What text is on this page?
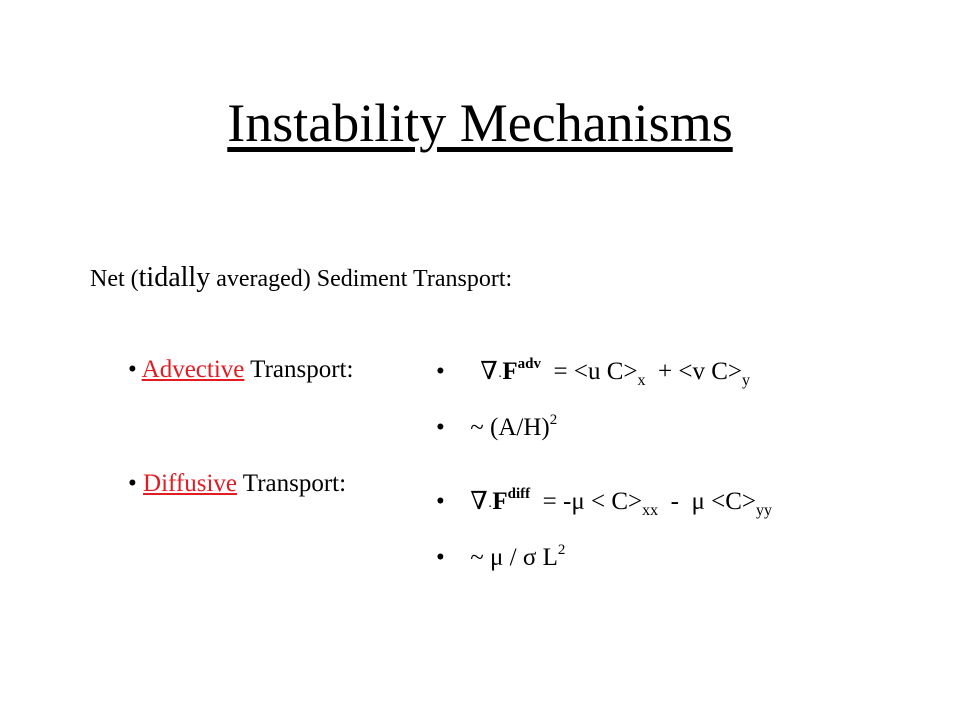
Instability Mechanisms
Net (tidally averaged) Sediment Transport:
• Advective Transport:
• Diffusive Transport:
• $\nabla\cdot F^{adv} = <u$ $C>_x + <v$ $C>_y$
• ~ $(A/H)^2$
• $\nabla\cdot F^{diff} = -\mu < C>_{xx} - \mu <C>_{yy}$
• ~ μ / σ $L^2$
